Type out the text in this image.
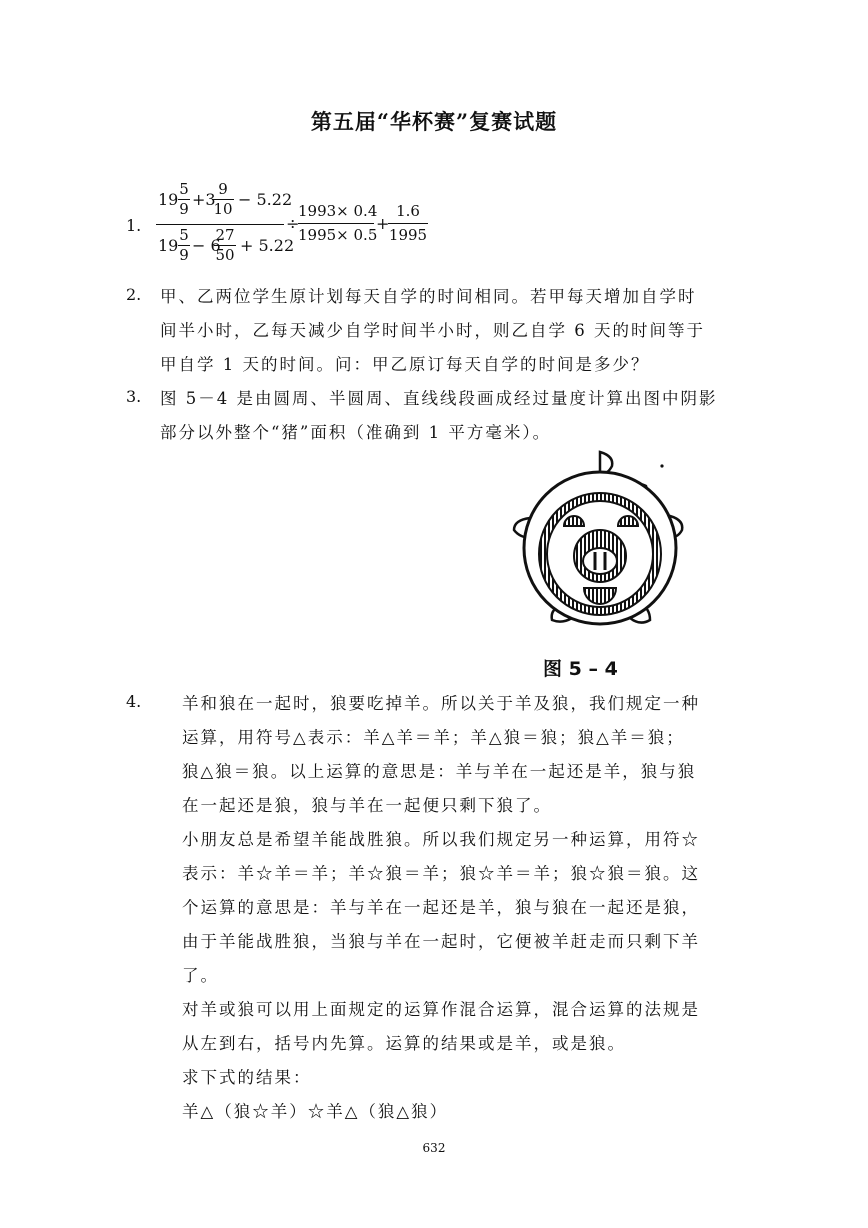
第五届“华杯赛”复赛试题
1.
19
5
9 +3
9
10 − 5.22
19
5
9 − 6
27
50 + 5.22
÷
1993× 0.4
1995× 0.5
+
1.6
1995
2. 甲、乙两位学生原计划每天自学的时间相同。若甲每天增加自学时
间半小时，乙每天减少自学时间半小时，则乙自学 6 天的时间等于
甲自学 1 天的时间。问：甲乙原订每天自学的时间是多少？
3. 图 5－4 是由圆周、半圆周、直线线段画成经过量度计算出图中阴影
部分以外整个“猪”面积（准确到 1 平方毫米）。
图 5 – 4
4. 羊和狼在一起时，狼要吃掉羊。所以关于羊及狼，我们规定一种
运算，用符号△表示：羊△羊＝羊；羊△狼＝狼；狼△羊＝狼；
狼△狼＝狼。以上运算的意思是：羊与羊在一起还是羊，狼与狼
在一起还是狼，狼与羊在一起便只剩下狼了。
小朋友总是希望羊能战胜狼。所以我们规定另一种运算，用符☆
表示：羊☆羊＝羊；羊☆狼＝羊；狼☆羊＝羊；狼☆狼＝狼。这
个运算的意思是：羊与羊在一起还是羊，狼与狼在一起还是狼，
由于羊能战胜狼，当狼与羊在一起时，它便被羊赶走而只剩下羊
了。
对羊或狼可以用上面规定的运算作混合运算，混合运算的法规是
从左到右，括号内先算。运算的结果或是羊，或是狼。
求下式的结果：
羊△（狼☆羊）☆羊△（狼△狼）
632
